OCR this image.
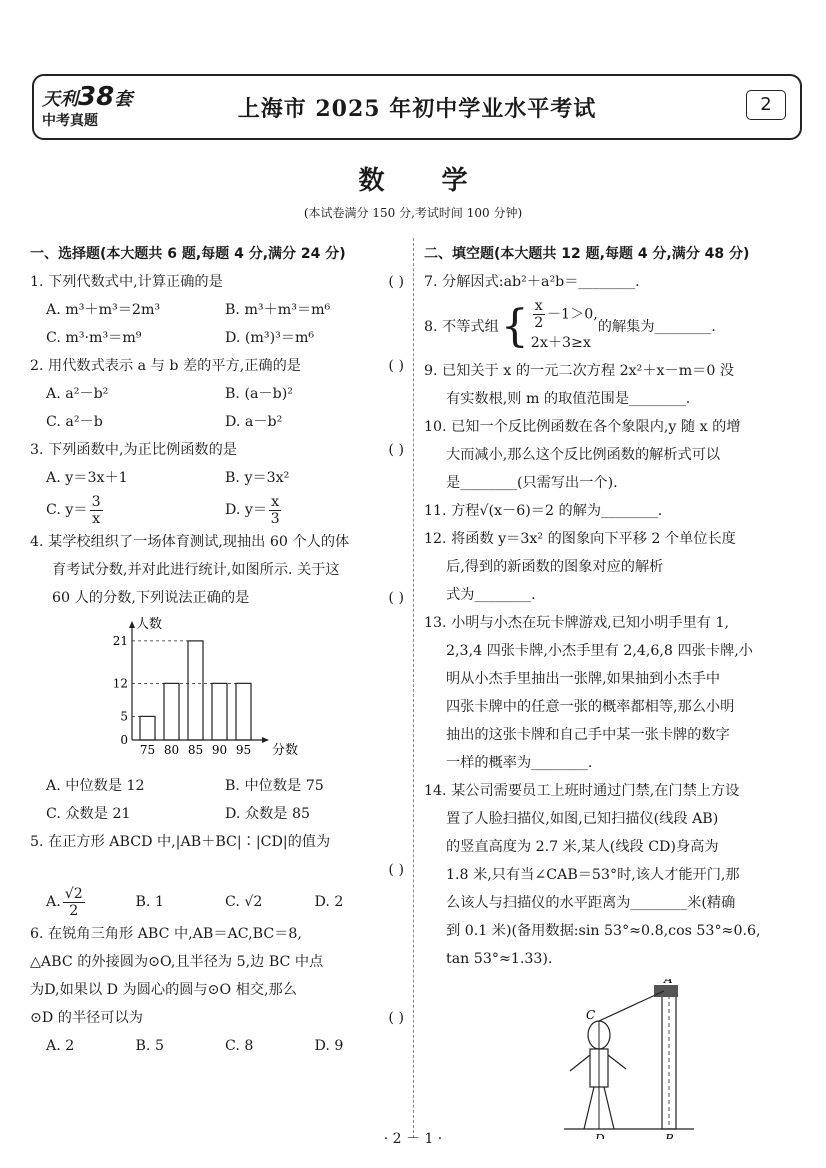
天利38套
中考真题	上海市 2025 年初中学业水平考试	2
数 学
(本试卷满分 150 分,考试时间 100 分钟)
一、选择题(本大题共 6 题,每题 4 分,满分 24 分)
1. 下列代数式中,计算正确的是	( )
A. m³＋m³＝2m³	B. m³＋m³＝m⁶
C. m³·m³＝m⁹	D. (m³)³＝m⁶
2. 用代数式表示 a 与 b 差的平方,正确的是	( )
A. a²－b²	B. (a－b)²
C. a²－b	D. a－b²
3. 下列函数中,为正比例函数的是	( )
A. y＝3x＋1	B. y＝3x²
C. $y= \frac{3}{x}$	D. $y= \frac{x}{3}$
4. 某学校组织了一场体育测试,现抽出 60 个人的体
育考试分数,并对此进行统计,如图所示. 关于这
60 人的分数,下列说法正确的是	( )
人数
分数
0
5
12
21
75 80 85 90 95
A. 中位数是 12	B. 中位数是 75
C. 众数是 21	D. 众数是 85
5. 在正方形 ABCD 中,|AB＋BC|∶|CD|的值为
( )
A. $\frac{√2}{2}$	B. 1	C. √2	D. 2
6. 在锐角三角形 ABC 中,AB＝AC,BC＝8,
△ABC 的外接圆为⊙O,且半径为 5,边 BC 中点
为D,如果以 D 为圆心的圆与⊙O 相交,那么
⊙D 的半径可以为	( )
A. 2	B. 5	C. 8	D. 9
二、填空题(本大题共 12 题,每题 4 分,满分 48 分)
7. 分解因式:ab²＋a²b＝________.
8. 不等式组 { $\frac{x}{2} -1>0$,
2x＋3≥x
的解集为________.
9. 已知关于 x 的一元二次方程 2x²＋x－m＝0 没
有实数根,则 m 的取值范围是________.
10. 已知一个反比例函数在各个象限内,y 随 x 的增
大而减小,那么这个反比例函数的解析式可以
是________(只需写出一个).
11. 方程√(x－6)＝2 的解为________.
12. 将函数 y＝3x² 的图象向下平移 2 个单位长度
后,得到的新函数的图象对应的解析
式为________.
13. 小明与小杰在玩卡牌游戏,已知小明手里有 1,
2,3,4 四张卡牌,小杰手里有 2,4,6,8 四张卡牌,小
明从小杰手里抽出一张牌,如果抽到小杰手中
四张卡牌中的任意一张的概率都相等,那么小明
抽出的这张卡牌和自己手中某一张卡牌的数字
一样的概率为________.
14. 某公司需要员工上班时通过门禁,在门禁上方设
置了人脸扫描仪,如图,已知扫描仪(线段 AB)
的竖直高度为 2.7 米,某人(线段 CD)身高为
1.8 米,只有当∠CAB＝53°时,该人才能开门,那
么该人与扫描仪的水平距离为________米(精确
到 0.1 米)(备用数据:sin 53°≈0.8,cos 53°≈0.6,
tan 53°≈1.33).
A
C
D	B
· 2 － 1 ·
